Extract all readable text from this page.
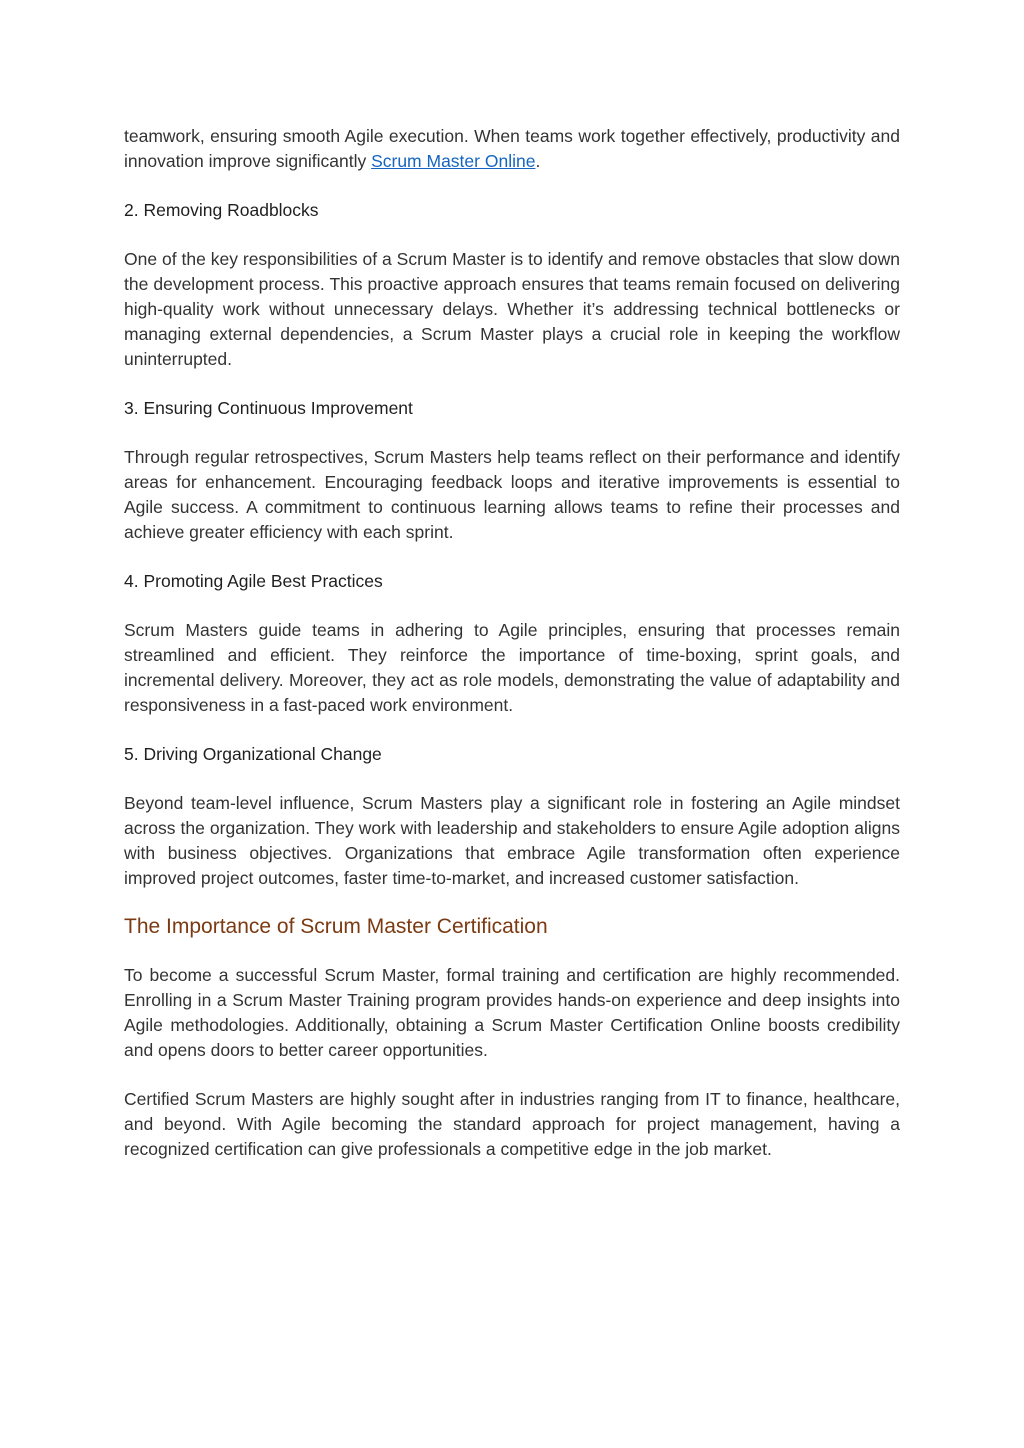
teamwork, ensuring smooth Agile execution. When teams work together effectively, productivity and innovation improve significantly Scrum Master Online.

2. Removing Roadblocks

One of the key responsibilities of a Scrum Master is to identify and remove obstacles that slow down the development process. This proactive approach ensures that teams remain focused on delivering high-quality work without unnecessary delays. Whether it’s addressing technical bottlenecks or managing external dependencies, a Scrum Master plays a crucial role in keeping the workflow uninterrupted.

3. Ensuring Continuous Improvement

Through regular retrospectives, Scrum Masters help teams reflect on their performance and identify areas for enhancement. Encouraging feedback loops and iterative improvements is essential to Agile success. A commitment to continuous learning allows teams to refine their processes and achieve greater efficiency with each sprint.

4. Promoting Agile Best Practices

Scrum Masters guide teams in adhering to Agile principles, ensuring that processes remain streamlined and efficient. They reinforce the importance of time-boxing, sprint goals, and incremental delivery. Moreover, they act as role models, demonstrating the value of adaptability and responsiveness in a fast-paced work environment.

5. Driving Organizational Change

Beyond team-level influence, Scrum Masters play a significant role in fostering an Agile mindset across the organization. They work with leadership and stakeholders to ensure Agile adoption aligns with business objectives. Organizations that embrace Agile transformation often experience improved project outcomes, faster time-to-market, and increased customer satisfaction.

The Importance of Scrum Master Certification

To become a successful Scrum Master, formal training and certification are highly recommended. Enrolling in a Scrum Master Training program provides hands-on experience and deep insights into Agile methodologies. Additionally, obtaining a Scrum Master Certification Online boosts credibility and opens doors to better career opportunities.

Certified Scrum Masters are highly sought after in industries ranging from IT to finance, healthcare, and beyond. With Agile becoming the standard approach for project management, having a recognized certification can give professionals a competitive edge in the job market.
